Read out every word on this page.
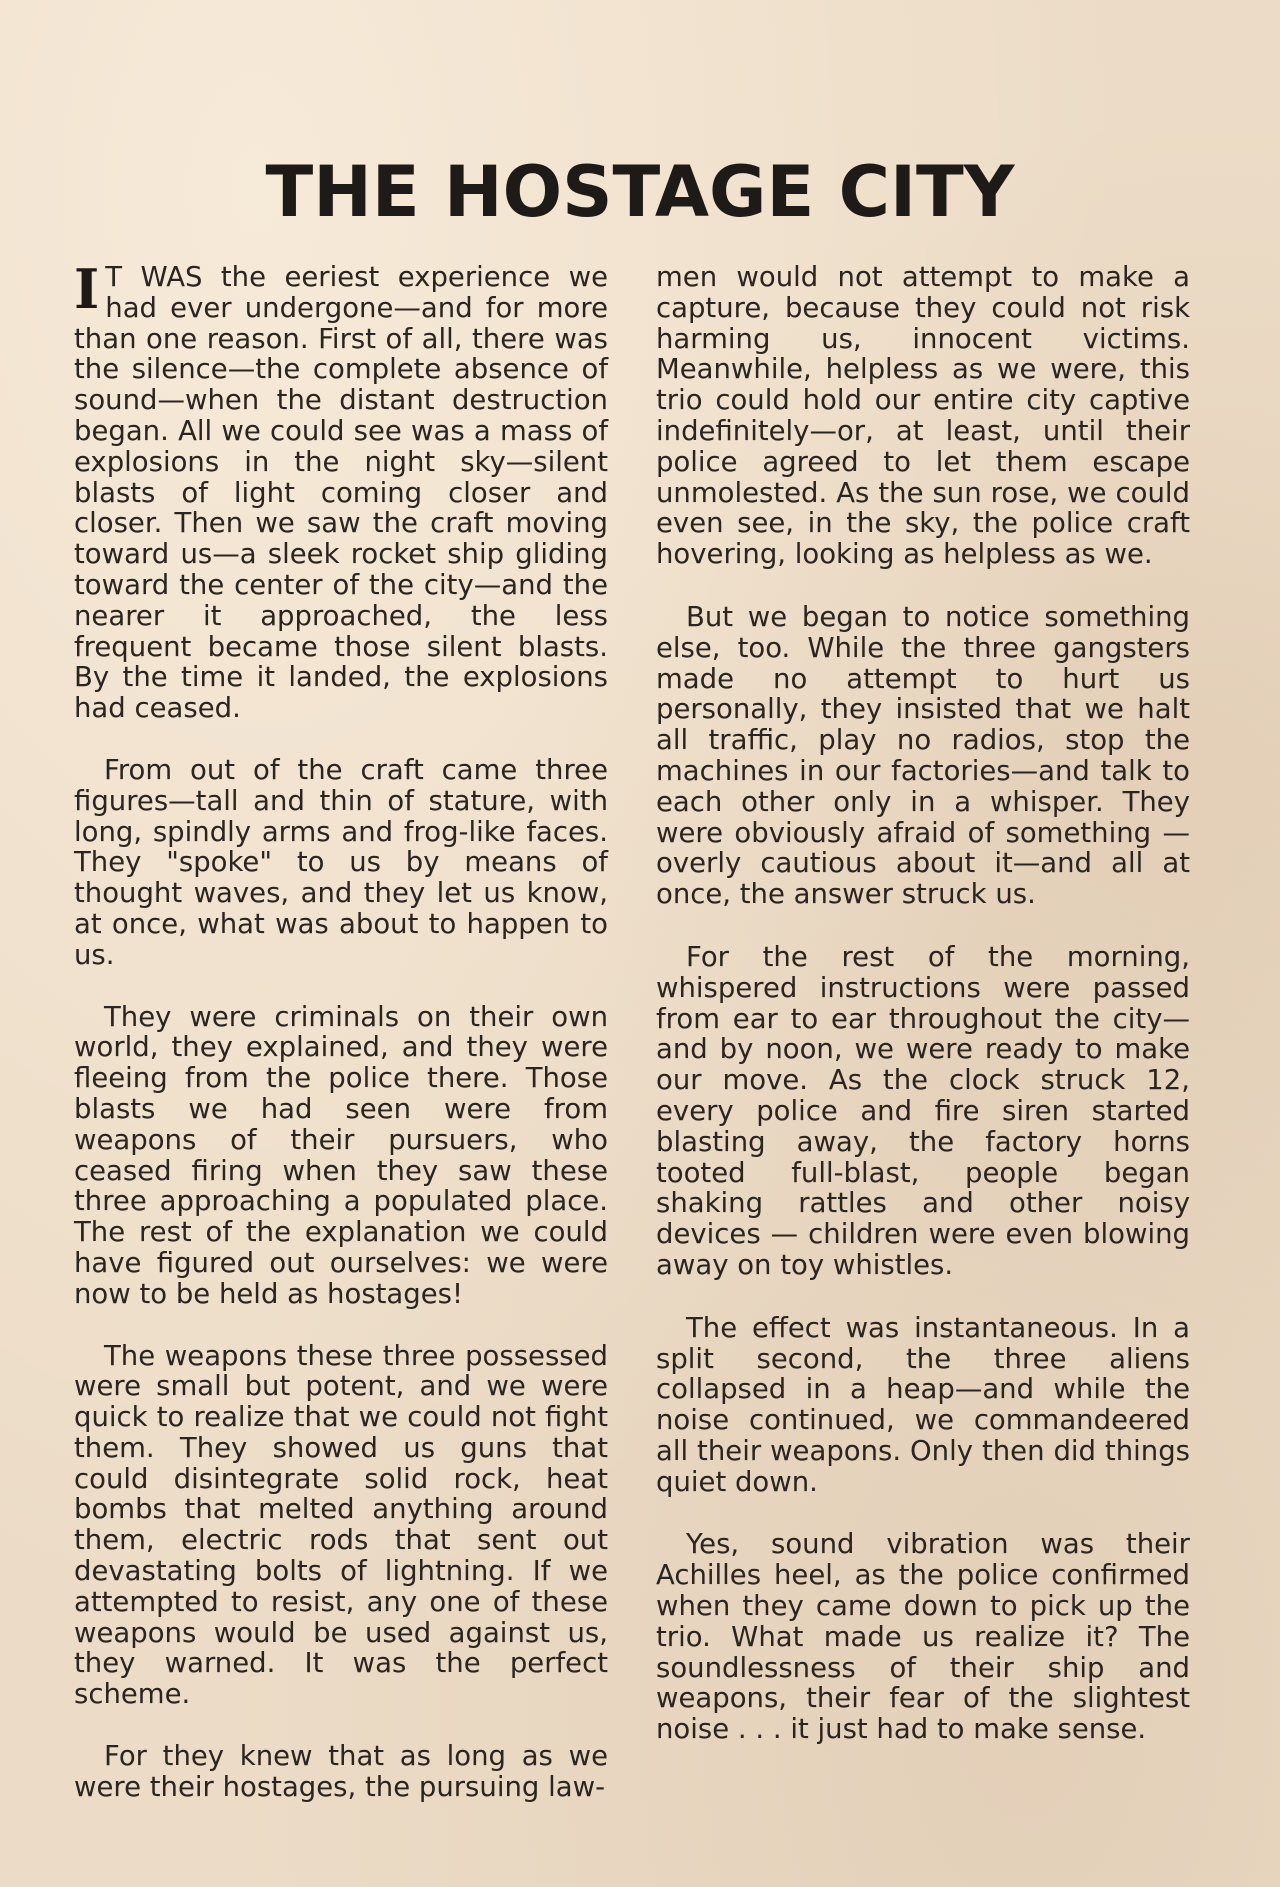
THE HOSTAGE CITY

I T WAS the eeriest experience we had ever undergone—and for more than one reason. First of all, there was the silence—the complete absence of sound—when the distant destruction began. All we could see was a mass of explosions in the night sky—silent blasts of light coming closer and closer. Then we saw the craft moving toward us—a sleek rocket ship gliding toward the center of the city—and the nearer it approached, the less frequent became those silent blasts. By the time it landed, the explosions had ceased.

From out of the craft came three figures—tall and thin of stature, with long, spindly arms and frog-like faces. They "spoke" to us by means of thought waves, and they let us know, at once, what was about to happen to us.

They were criminals on their own world, they explained, and they were fleeing from the police there. Those blasts we had seen were from weapons of their pursuers, who ceased firing when they saw these three approaching a populated place. The rest of the explanation we could have figured out ourselves: we were now to be held as hostages!

The weapons these three possessed were small but potent, and we were quick to realize that we could not fight them. They showed us guns that could disintegrate solid rock, heat bombs that melted anything around them, electric rods that sent out devastating bolts of lightning. If we attempted to resist, any one of these weapons would be used against us, they warned. It was the perfect scheme.

For they knew that as long as we were their hostages, the pursuing law-

men would not attempt to make a capture, because they could not risk harming us, innocent victims. Meanwhile, helpless as we were, this trio could hold our entire city captive indefinitely—or, at least, until their police agreed to let them escape unmolested. As the sun rose, we could even see, in the sky, the police craft hovering, looking as helpless as we.

But we began to notice something else, too. While the three gangsters made no attempt to hurt us personally, they insisted that we halt all traffic, play no radios, stop the machines in our factories—and talk to each other only in a whisper. They were obviously afraid of something —overly cautious about it—and all at once, the answer struck us.

For the rest of the morning, whispered instructions were passed from ear to ear throughout the city—and by noon, we were ready to make our move. As the clock struck 12, every police and fire siren started blasting away, the factory horns tooted full-blast, people began shaking rattles and other noisy devices — children were even blowing away on toy whistles.

The effect was instantaneous. In a split second, the three aliens collapsed in a heap—and while the noise continued, we commandeered all their weapons. Only then did things quiet down.

Yes, sound vibration was their Achilles heel, as the police confirmed when they came down to pick up the trio. What made us realize it? The soundlessness of their ship and weapons, their fear of the slightest noise . . . it just had to make sense.
